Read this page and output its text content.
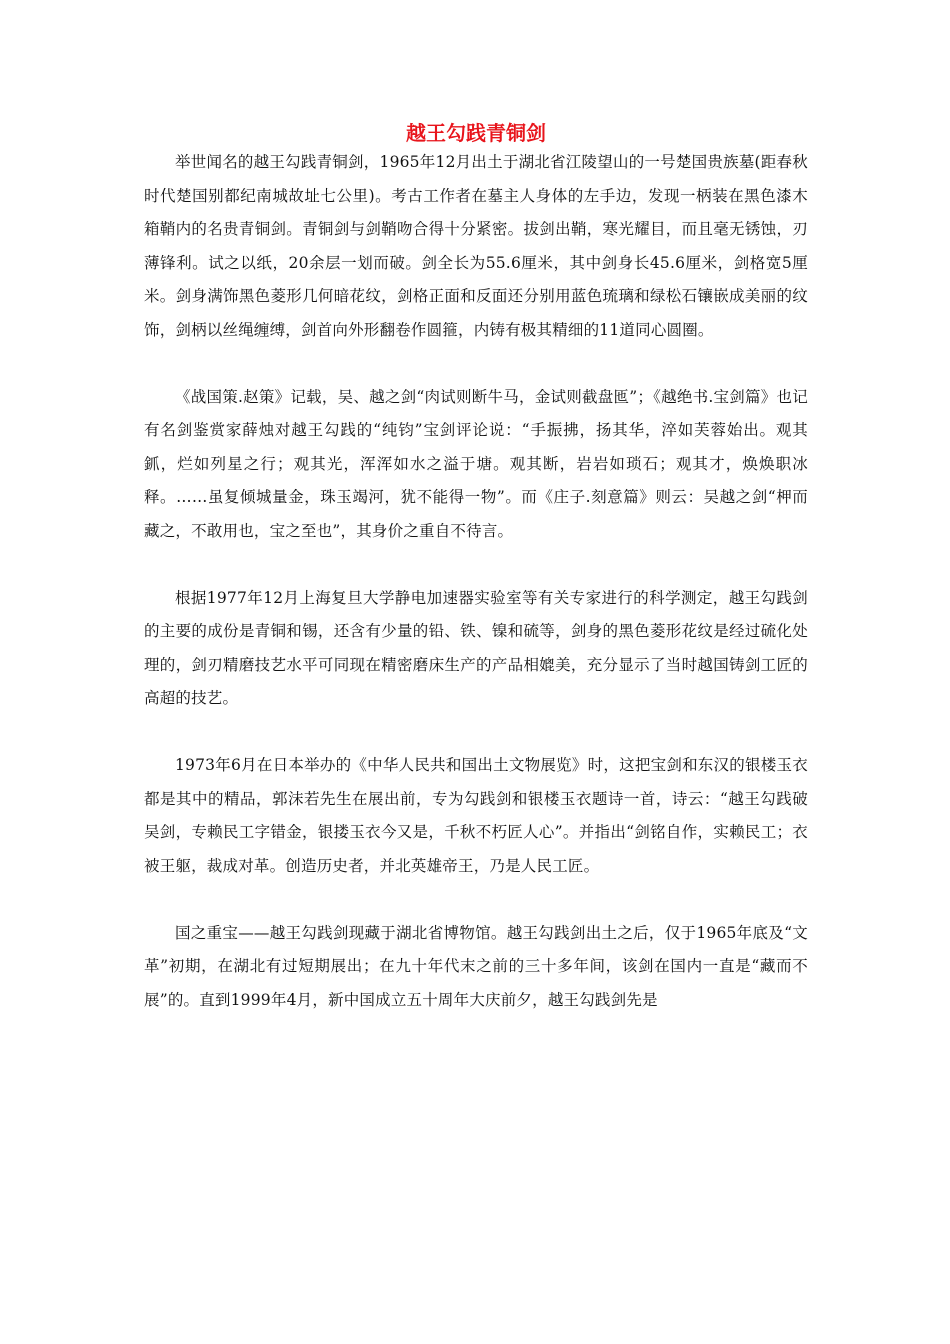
越王勾践青铜剑

举世闻名的越王勾践青铜剑，1965年12月出土于湖北省江陵望山的一号楚国贵族墓(距春秋时代楚国别都纪南城故址七公里)。考古工作者在墓主人身体的左手边，发现一柄装在黑色漆木箱鞘内的名贵青铜剑。青铜剑与剑鞘吻合得十分紧密。拔剑出鞘，寒光耀目，而且毫无锈蚀，刃薄锋利。试之以纸，20余层一划而破。剑全长为55.6厘米，其中剑身长45.6厘米，剑格宽5厘米。剑身满饰黑色菱形几何暗花纹，剑格正面和反面还分别用蓝色琉璃和绿松石镶嵌成美丽的纹饰，剑柄以丝绳缠缚，剑首向外形翻卷作圆箍，内铸有极其精细的11道同心圆圈。

《战国策.赵策》记载，吴、越之剑“肉试则断牛马，金试则截盘匜”；《越绝书.宝剑篇》也记有名剑鉴赏家薛烛对越王勾践的“纯钧”宝剑评论说：“手振拂，扬其华，淬如芙蓉始出。观其釽，烂如列星之行；观其光，浑浑如水之溢于塘。观其断，岩岩如琐石；观其才，焕焕职冰释。……虽复倾城量金，珠玉竭河，犹不能得一物”。而《庄子.刻意篇》则云：吴越之剑“柙而藏之，不敢用也，宝之至也”，其身价之重自不待言。

根据1977年12月上海复旦大学静电加速器实验室等有关专家进行的科学测定，越王勾践剑的主要的成份是青铜和锡，还含有少量的铅、铁、镍和硫等，剑身的黑色菱形花纹是经过硫化处理的，剑刃精磨技艺水平可同现在精密磨床生产的产品相媲美，充分显示了当时越国铸剑工匠的高超的技艺。

1973年6月在日本举办的《中华人民共和国出土文物展览》时，这把宝剑和东汉的银楼玉衣都是其中的精品，郭沫若先生在展出前，专为勾践剑和银楼玉衣题诗一首，诗云：“越王勾践破吴剑，专赖民工字错金，银搂玉衣今又是，千秋不朽匠人心”。并指出“剑铭自作，实赖民工；衣被王躯，裁成对革。创造历史者，并北英雄帝王，乃是人民工匠。

国之重宝——越王勾践剑现藏于湖北省博物馆。越王勾践剑出土之后，仅于1965年底及“文革”初期，在湖北有过短期展出；在九十年代末之前的三十多年间，该剑在国内一直是“藏而不展”的。直到1999年4月，新中国成立五十周年大庆前夕，越王勾践剑先是
